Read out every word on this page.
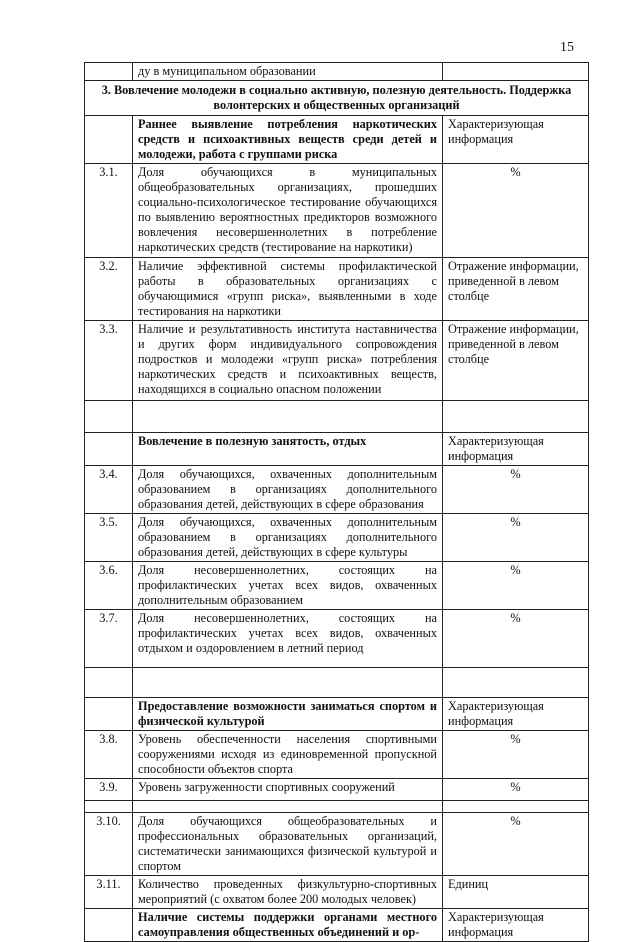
15
	ду в муниципальном образовании	
3. Вовлечение молодежи в социально активную, полезную деятельность. Поддержка волонтерских и общественных организаций		
	Раннее выявление потребления наркотических средств и психоактивных веществ среди детей и молодежи, работа с группами риска	Характеризующая информация
3.1.	Доля обучающихся в муниципальных общеобразовательных организациях, прошедших социально-психологическое тестирование обучающихся по выявлению вероятностных предикторов возможного вовлечения несовершеннолетних в потребление наркотических средств (тестирование на наркотики)	%
3.2.	Наличие эффективной системы профилактической работы в образовательных организациях с обучающимися «групп риска», выявленными в ходе тестирования на наркотики	Отражение информации, приведенной в левом столбце
3.3.	Наличие и результативность института наставничества и других форм индивидуального сопровождения подростков и молодежи «групп риска» потребления наркотических средств и психоактивных веществ, находящихся в социально опасном положении	Отражение информации, приведенной в левом столбце

	Вовлечение в полезную занятость, отдых	Характеризующая информация
3.4.	Доля обучающихся, охваченных дополнительным образованием в организациях дополнительного образования детей, действующих в сфере образования	%
3.5.	Доля обучающихся, охваченных дополнительным образованием в организациях дополнительного образования детей, действующих в сфере культуры	%
3.6.	Доля несовершеннолетних, состоящих на профилактических учетах всех видов, охваченных дополнительным образованием	%
3.7.	Доля несовершеннолетних, состоящих на профилактических учетах всех видов, охваченных отдыхом и оздоровлением в летний период	%

	Предоставление возможности заниматься спортом и физической культурой	Характеризующая информация
3.8.	Уровень обеспеченности населения спортивными сооружениями исходя из единовременной пропускной способности объектов спорта	%
3.9.	Уровень загруженности спортивных сооружений	%

3.10.	Доля обучающихся общеобразовательных и профессиональных образовательных организаций, систематически занимающихся физической культурой и спортом	%
3.11.	Количество проведенных физкультурно-спортивных мероприятий (с охватом более 200 молодых человек)	Единиц
	Наличие системы поддержки органами местного самоуправления общественных объединений и ор-	Характеризующая информация
